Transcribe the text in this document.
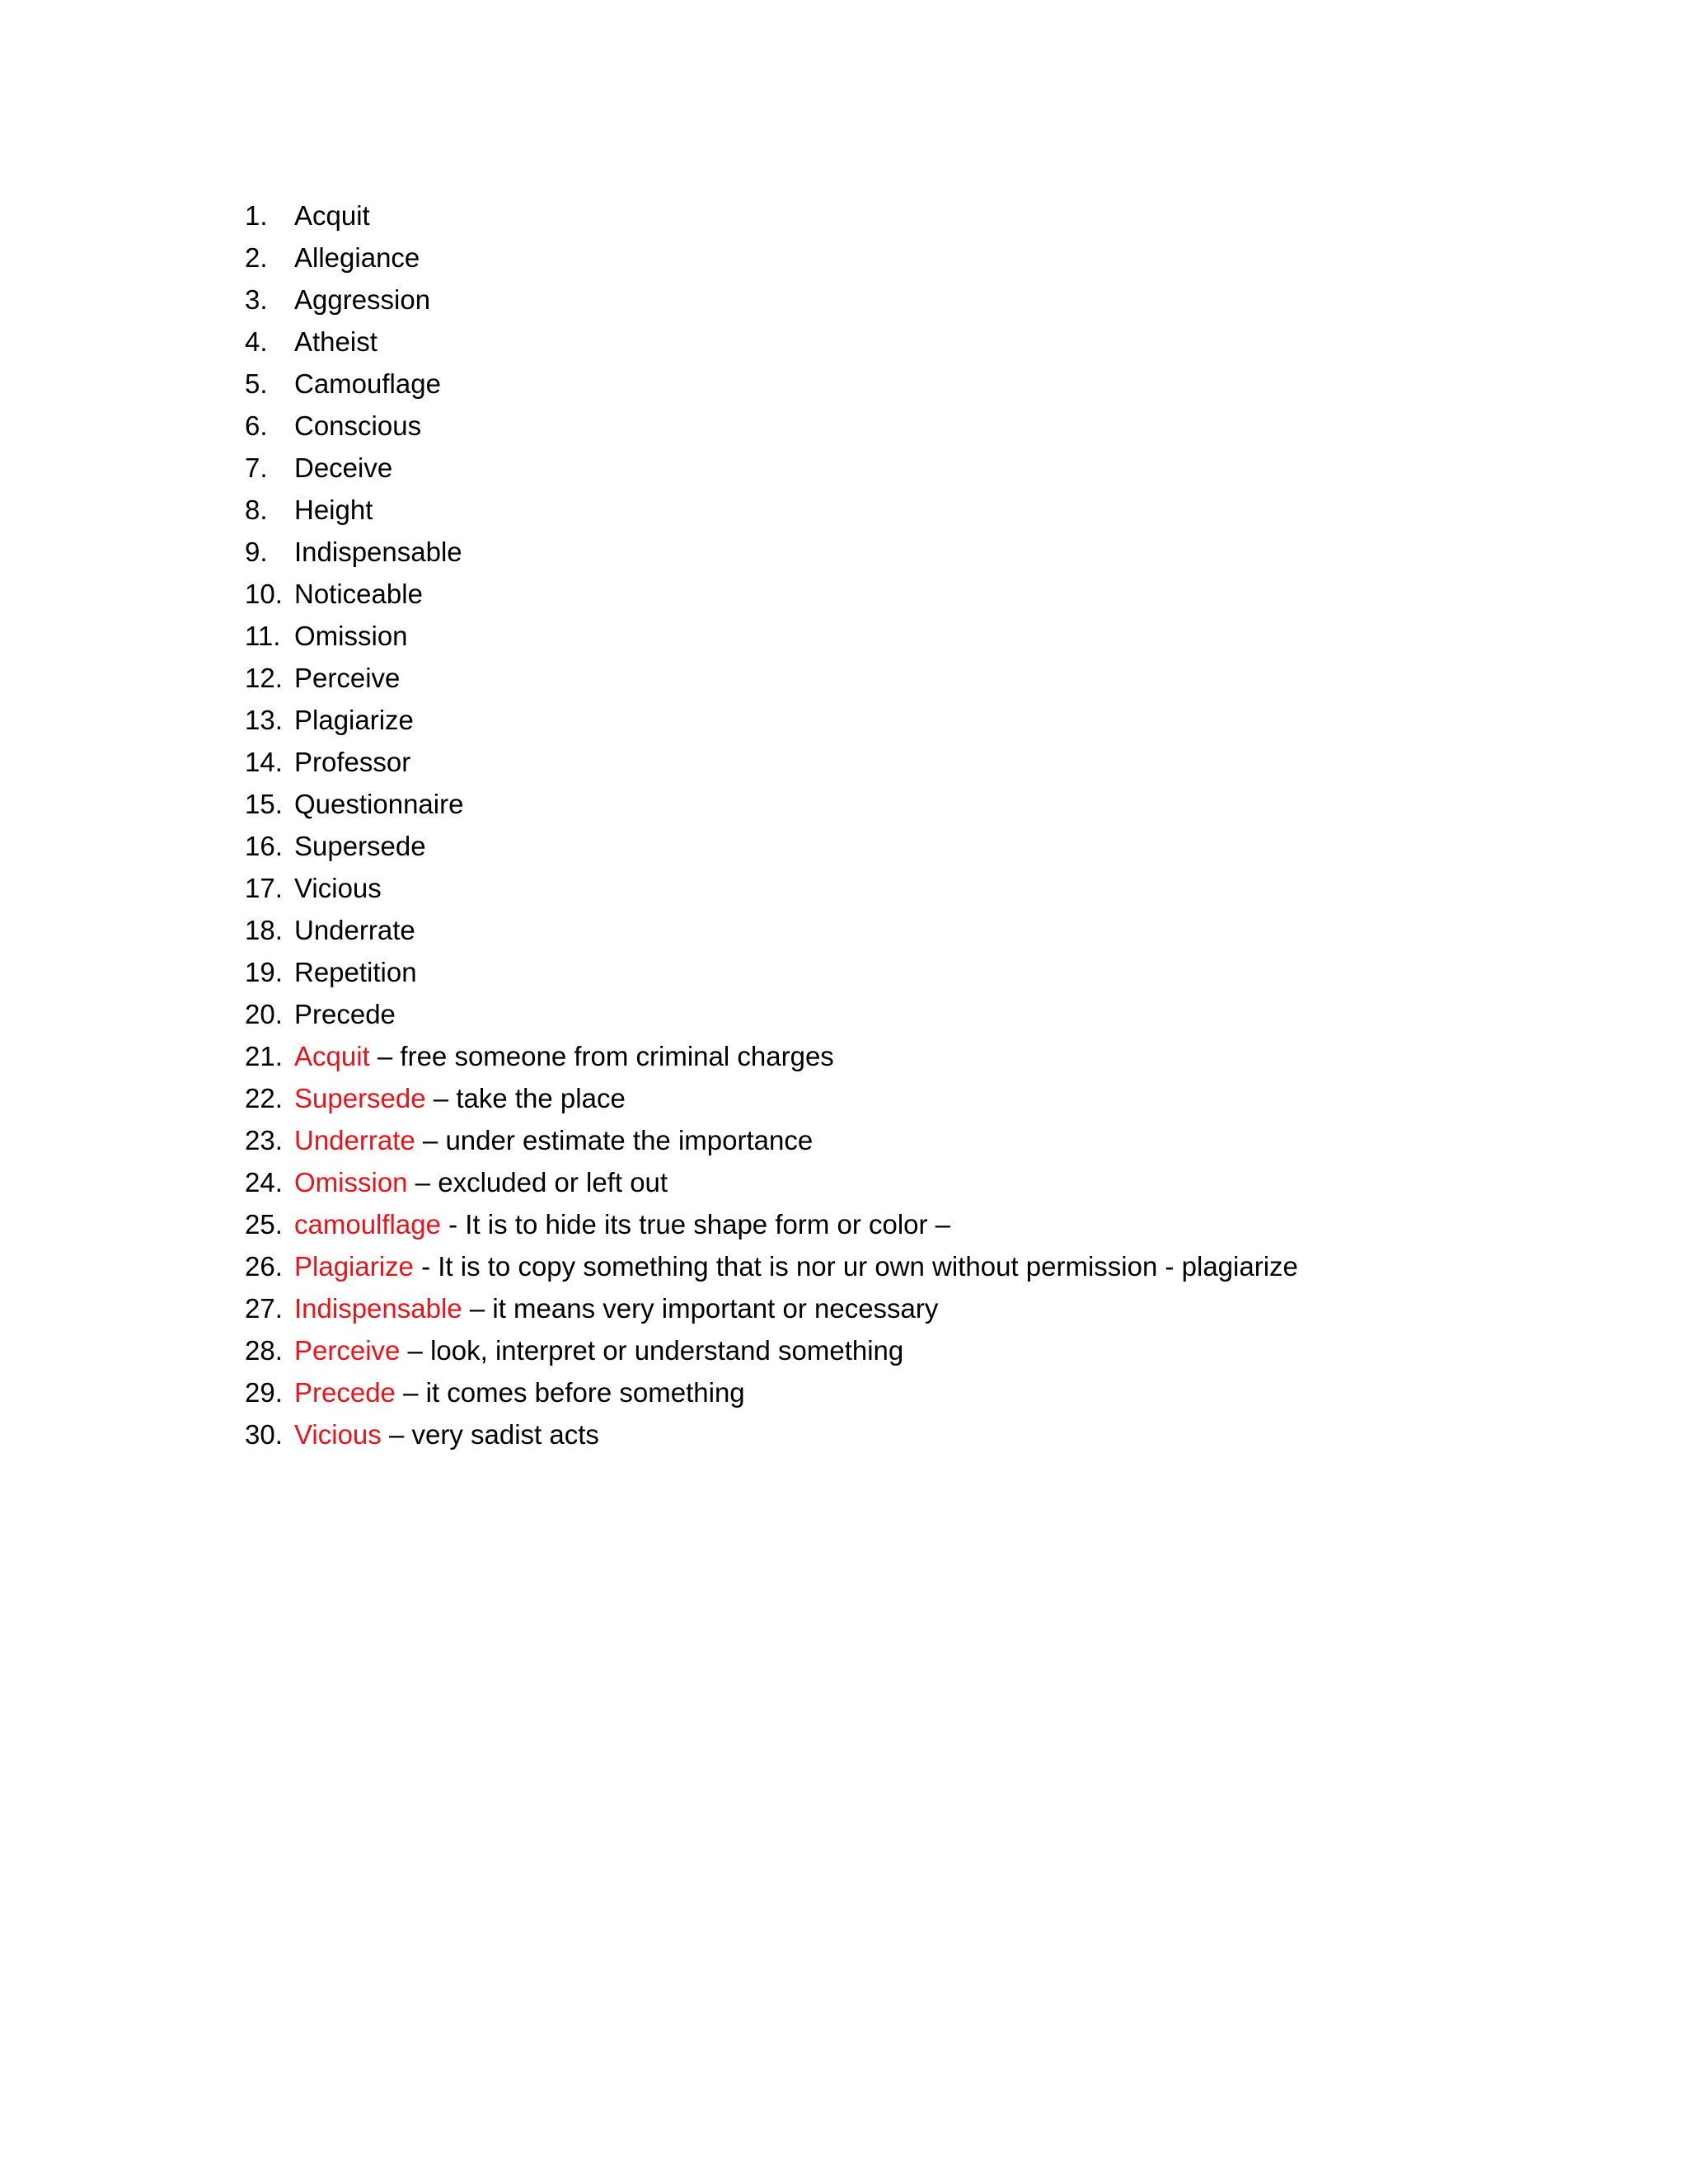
1. Acquit
2. Allegiance
3. Aggression
4. Atheist
5. Camouflage
6. Conscious
7. Deceive
8. Height
9. Indispensable
10. Noticeable
11. Omission
12. Perceive
13. Plagiarize
14. Professor
15. Questionnaire
16. Supersede
17. Vicious
18. Underrate
19. Repetition
20. Precede
21. Acquit – free someone from criminal charges
22. Supersede – take the place
23. Underrate – under estimate the importance
24. Omission – excluded or left out
25. camoulflage - It is to hide its true shape form or color –
26. Plagiarize - It is to copy something that is nor ur own without permission - plagiarize
27. Indispensable – it means very important or necessary
28. Perceive – look, interpret or understand something
29. Precede – it comes before something
30. Vicious – very sadist acts
